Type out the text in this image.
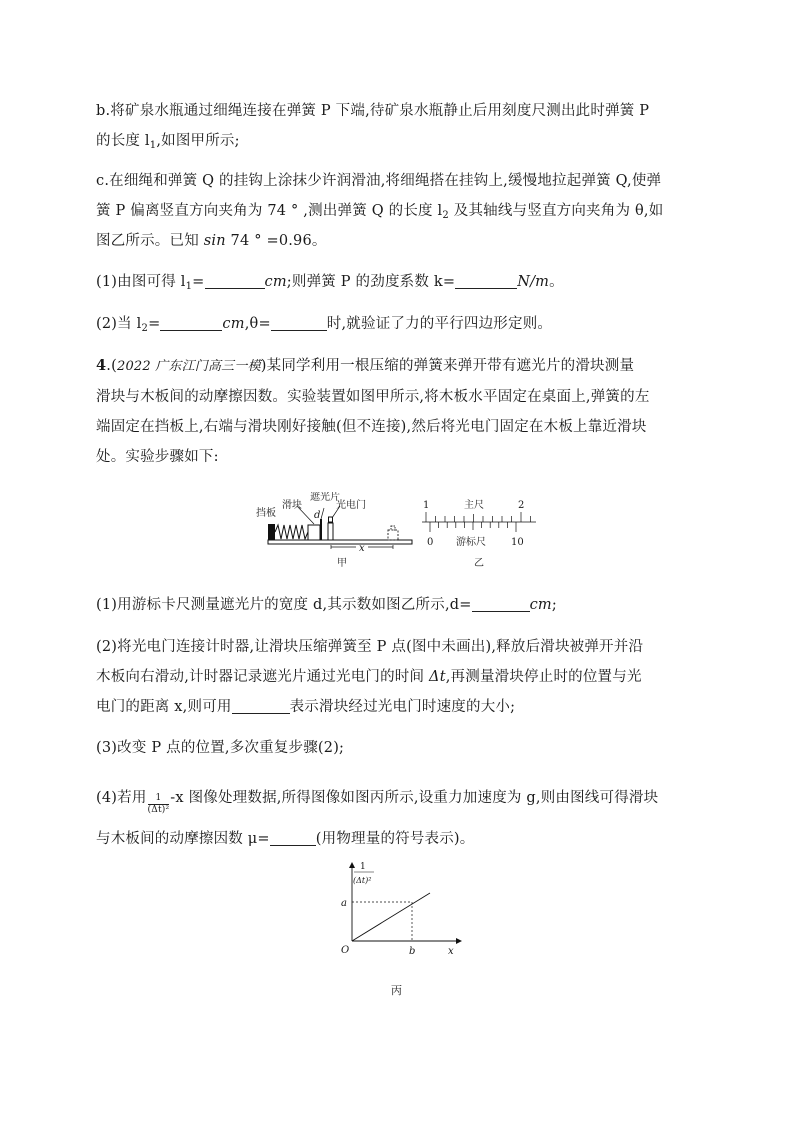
b.将矿泉水瓶通过细绳连接在弹簧 P 下端,待矿泉水瓶静止后用刻度尺测出此时弹簧 P
的长度 $l_1$,如图甲所示;
c.在细绳和弹簧 Q 的挂钩上涂抹少许润滑油,将细绳搭在挂钩上,缓慢地拉起弹簧 Q,使弹
簧 P 偏离竖直方向夹角为 74 ° ,测出弹簧 Q 的长度 $l_2$ 及其轴线与竖直方向夹角为 θ,如
图乙所示。已知 sin 74 ° =0.96。
(1)由图可得 $l_1=$	cm;则弹簧 P 的劲度系数 k=	N/m。
(2)当 $l_2=$	cm,θ=	时,就验证了力的平行四边形定则。
4.(2022 广东江门高三一模)某同学利用一根压缩的弹簧来弹开带有遮光片的滑块测量
滑块与木板间的动摩擦因数。实验装置如图甲所示,将木板水平固定在桌面上,弹簧的左
端固定在挡板上,右端与滑块刚好接触(但不连接),然后将光电门固定在木板上靠近滑块
处。实验步骤如下:
挡板
滑块
遮光片
d
光电门
x
甲
1	主尺	2
0 游标尺	10
乙
(1)用游标卡尺测量遮光片的宽度 d,其示数如图乙所示,d=	cm;
(2)将光电门连接计时器,让滑块压缩弹簧至 P 点(图中未画出),释放后滑块被弹开并沿
木板向右滑动,计时器记录遮光片通过光电门的时间 Δt,再测量滑块停止时的位置与光
电门的距离 x,则可用	表示滑块经过光电门时速度的大小;
(3)改变 P 点的位置,多次重复步骤(2);
(4)若用 $\frac{1}{\text{(Δt)²}} -x$ 图像处理数据,所得图像如图丙所示,设重力加速度为 g,则由图线可得滑块
与木板间的动摩擦因数 μ=	(用物理量的符号表示)。
1
(Δt)²
a
O	b	x
丙
